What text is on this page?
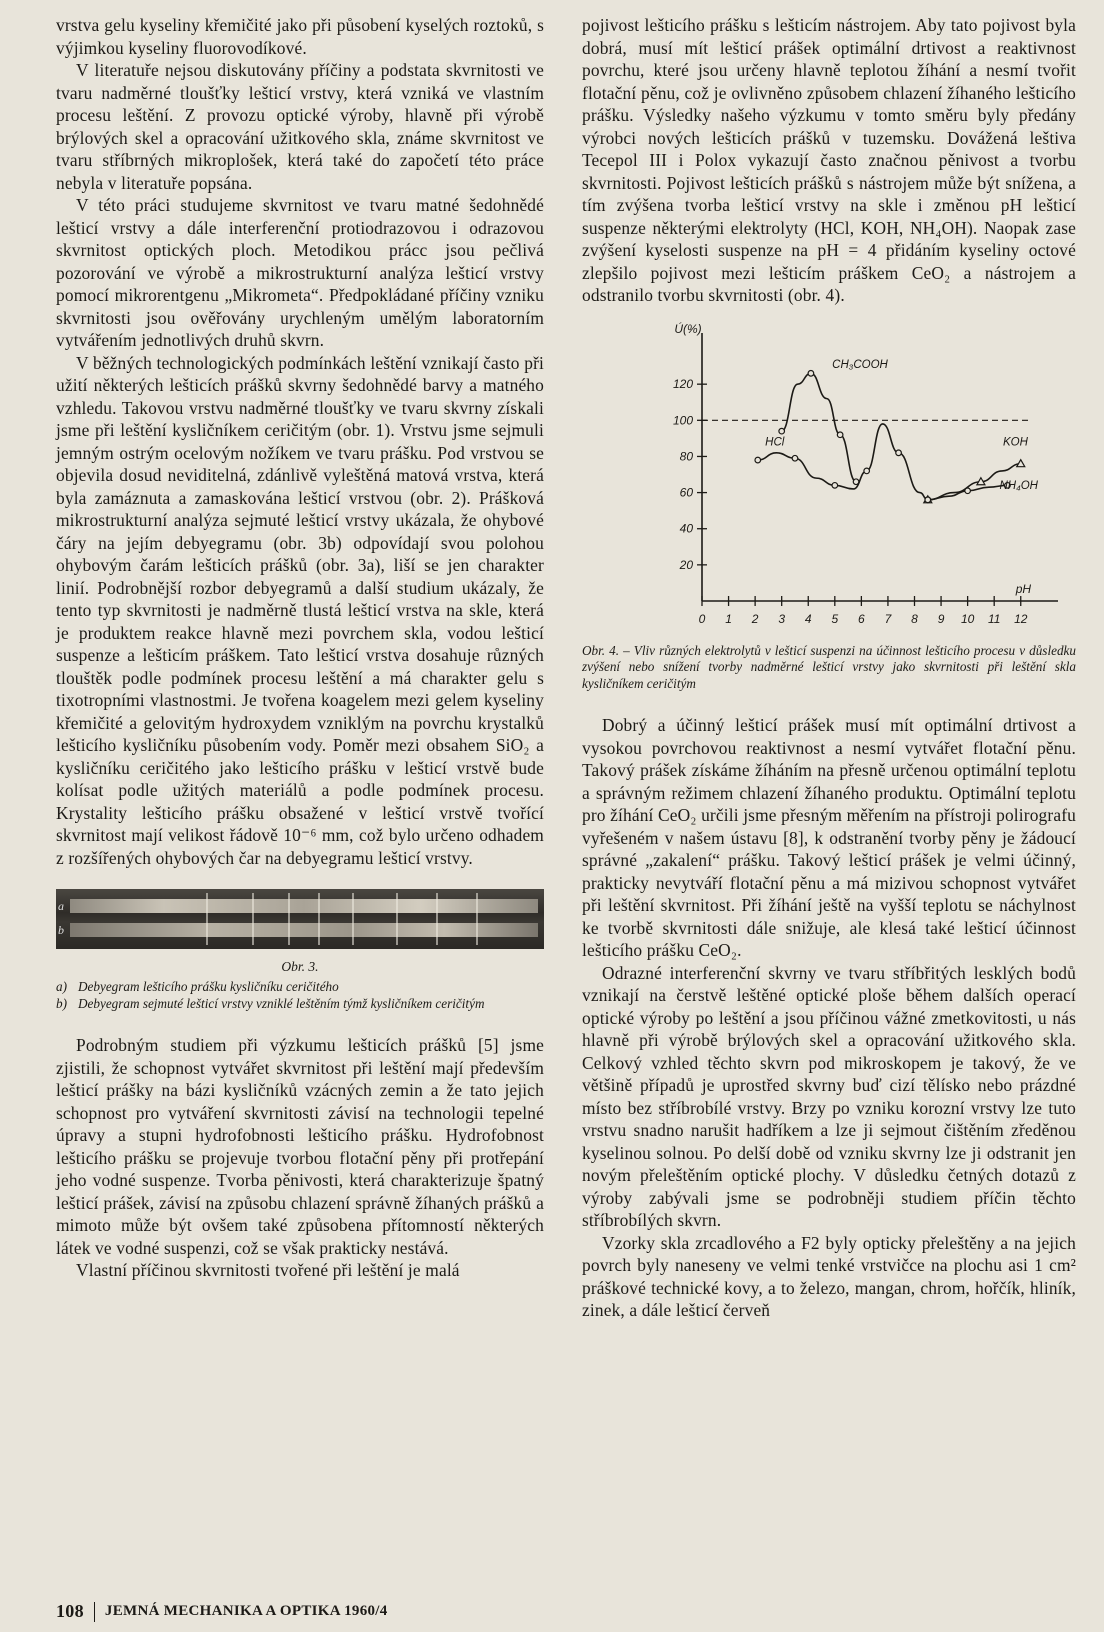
vrstva gelu kyseliny křemičité jako při působení kyselých roztoků, s výjimkou kyseliny fluorovodíkové.

V literatuře nejsou diskutovány příčiny a podstata skvrnitosti ve tvaru nadměrné tloušťky lešticí vrstvy, která vzniká ve vlastním procesu leštění. Z provozu optické výroby, hlavně při výrobě brýlových skel a opracování užitkového skla, známe skvrnitost ve tvaru stříbrných mikroplošek, která také do započetí této práce nebyla v literatuře popsána.

V této práci studujeme skvrnitost ve tvaru matné šedohnědé lešticí vrstvy a dále interferenční protiodrazovou i odrazovou skvrnitost optických ploch. Metodikou prácc jsou pečlivá pozorování ve výrobě a mikrostrukturní analýza lešticí vrstvy pomocí mikrorentgenu „Mikrometa“. Předpokládané příčiny vzniku skvrnitosti jsou ověřovány urychleným umělým laboratorním vytvářením jednotlivých druhů skvrn.

V běžných technologických podmínkách leštění vznikají často při užití některých lešticích prášků skvrny šedohnědé barvy a matného vzhledu. Takovou vrstvu nadměrné tloušťky ve tvaru skvrny získali jsme při leštění kysličníkem ceričitým (obr. 1). Vrstvu jsme sejmuli jemným ostrým ocelovým nožíkem ve tvaru prášku. Pod vrstvou se objevila dosud neviditelná, zdánlivě vyleštěná matová vrstva, která byla zamáznuta a zamaskována lešticí vrstvou (obr. 2). Prášková mikrostrukturní analýza sejmuté lešticí vrstvy ukázala, že ohybové čáry na jejím debyegramu (obr. 3b) odpovídají svou polohou ohybovým čarám lešticích prášků (obr. 3a), liší se jen charakter linií. Podrobnější rozbor debyegramů a další studium ukázaly, že tento typ skvrnitosti je nadměrně tlustá lešticí vrstva na skle, která je produktem reakce hlavně mezi povrchem skla, vodou lešticí suspenze a lešticím práškem. Tato lešticí vrstva dosahuje různých tlouštěk podle podmínek procesu leštění a má charakter gelu s tixotropními vlastnostmi. Je tvořena koagelem mezi gelem kyseliny křemičité a gelovitým hydroxydem vzniklým na povrchu krystalků lešticího kysličníku působením vody. Poměr mezi obsahem SiO₂ a kysličníku ceričitého jako lešticího prášku v lešticí vrstvě bude kolísat podle užitých materiálů a podle podmínek procesu. Krystality lešticího prášku obsažené v lešticí vrstvě tvořící skvrnitost mají velikost řádově 10⁻⁶ mm, což bylo určeno odhadem z rozšířených ohybových čar na debyegramu lešticí vrstvy.

a
b
Obr. 3.
a) Debyegram lešticího prášku kysličníku ceričitého
b) Debyegram sejmuté lešticí vrstvy vzniklé leštěním týmž kysličníkem ceričitým

Podrobným studiem při výzkumu lešticích prášků [5] jsme zjistili, že schopnost vytvářet skvrnitost při leštění mají především lešticí prášky na bázi kysličníků vzácných zemin a že tato jejich schopnost pro vytváření skvrnitosti závisí na technologii tepelné úpravy a stupni hydrofobnosti lešticího prášku. Hydrofobnost lešticího prášku se projevuje tvorbou flotační pěny při protřepání jeho vodné suspenze. Tvorba pěnivosti, která charakterizuje špatný lešticí prášek, závisí na způsobu chlazení správně žíhaných prášků a mimoto může být ovšem také způsobena přítomností některých látek ve vodné suspenzi, což se však prakticky nestává.

Vlastní příčinou skvrnitosti tvořené při leštění je malá

pojivost lešticího prášku s lešticím nástrojem. Aby tato pojivost byla dobrá, musí mít lešticí prášek optimální drtivost a reaktivnost povrchu, které jsou určeny hlavně teplotou žíhání a nesmí tvořit flotační pěnu, což je ovlivněno způsobem chlazení žíhaného lešticího prášku. Výsledky našeho výzkumu v tomto směru byly předány výrobci nových lešticích prášků v tuzemsku. Dovážená leštiva Tecepol III i Polox vykazují často značnou pěnivost a tvorbu skvrnitosti. Pojivost lešticích prášků s nástrojem může být snížena, a tím zvýšena tvorba lešticí vrstvy na skle i změnou pH lešticí suspenze některými elektrolyty (HCl, KOH, NH₄OH). Naopak zase zvýšení kyselosti suspenze na pH = 4 přidáním kyseliny octové zlepšilo pojivost mezi lešticím práškem CeO₂ a nástrojem a odstranilo tvorbu skvrnitosti (obr. 4).

20
40
60
80
100
120
0 1 2 3 4 5 6 7 8 9 10 11 12
Ú(%)
pH
CH₃COOH
HCl	KOH
NH₄OH
Obr. 4. – Vliv různých elektrolytů v lešticí suspenzi na účinnost lešticího procesu v důsledku zvýšení nebo snížení tvorby nadměrné lešticí vrstvy jako skvrnitosti při leštění skla kysličníkem ceričitým

Dobrý a účinný lešticí prášek musí mít optimální drtivost a vysokou povrchovou reaktivnost a nesmí vytvářet flotační pěnu. Takový prášek získáme žíháním na přesně určenou optimální teplotu a správným režimem chlazení žíhaného produktu. Optimální teplotu pro žíhání CeO₂ určili jsme přesným měřením na přístroji polirografu vyřešeném v našem ústavu [8], k odstranění tvorby pěny je žádoucí správné „zakalení“ prášku. Takový lešticí prášek je velmi účinný, prakticky nevytváří flotační pěnu a má mizivou schopnost vytvářet při leštění skvrnitost. Při žíhání ještě na vyšší teplotu se náchylnost ke tvorbě skvrnitosti dále snižuje, ale klesá také lešticí účinnost lešticího prášku CeO₂.

Odrazné interferenční skvrny ve tvaru stříbřitých lesklých bodů vznikají na čerstvě leštěné optické ploše během dalších operací optické výroby po leštění a jsou příčinou vážné zmetkovitosti, u nás hlavně při výrobě brýlových skel a opracování užitkového skla. Celkový vzhled těchto skvrn pod mikroskopem je takový, že ve většině případů je uprostřed skvrny buď cizí tělísko nebo prázdné místo bez stříbrobílé vrstvy. Brzy po vzniku korozní vrstvy lze tuto vrstvu snadno narušit hadříkem a lze ji sejmout čištěním zředěnou kyselinou solnou. Po delší době od vzniku skvrny lze ji odstranit jen novým přeleštěním optické plochy. V důsledku četných dotazů z výroby zabývali jsme se podrobněji studiem příčin těchto stříbrobílých skvrn.

Vzorky skla zrcadlového a F2 byly opticky přeleštěny a na jejich povrch byly naneseny ve velmi tenké vrstvičce na plochu asi 1 cm² práškové technické kovy, a to železo, mangan, chrom, hořčík, hliník, zinek, a dále lešticí červeň

108 JEMNÁ MECHANIKA A OPTIKA 1960/4
